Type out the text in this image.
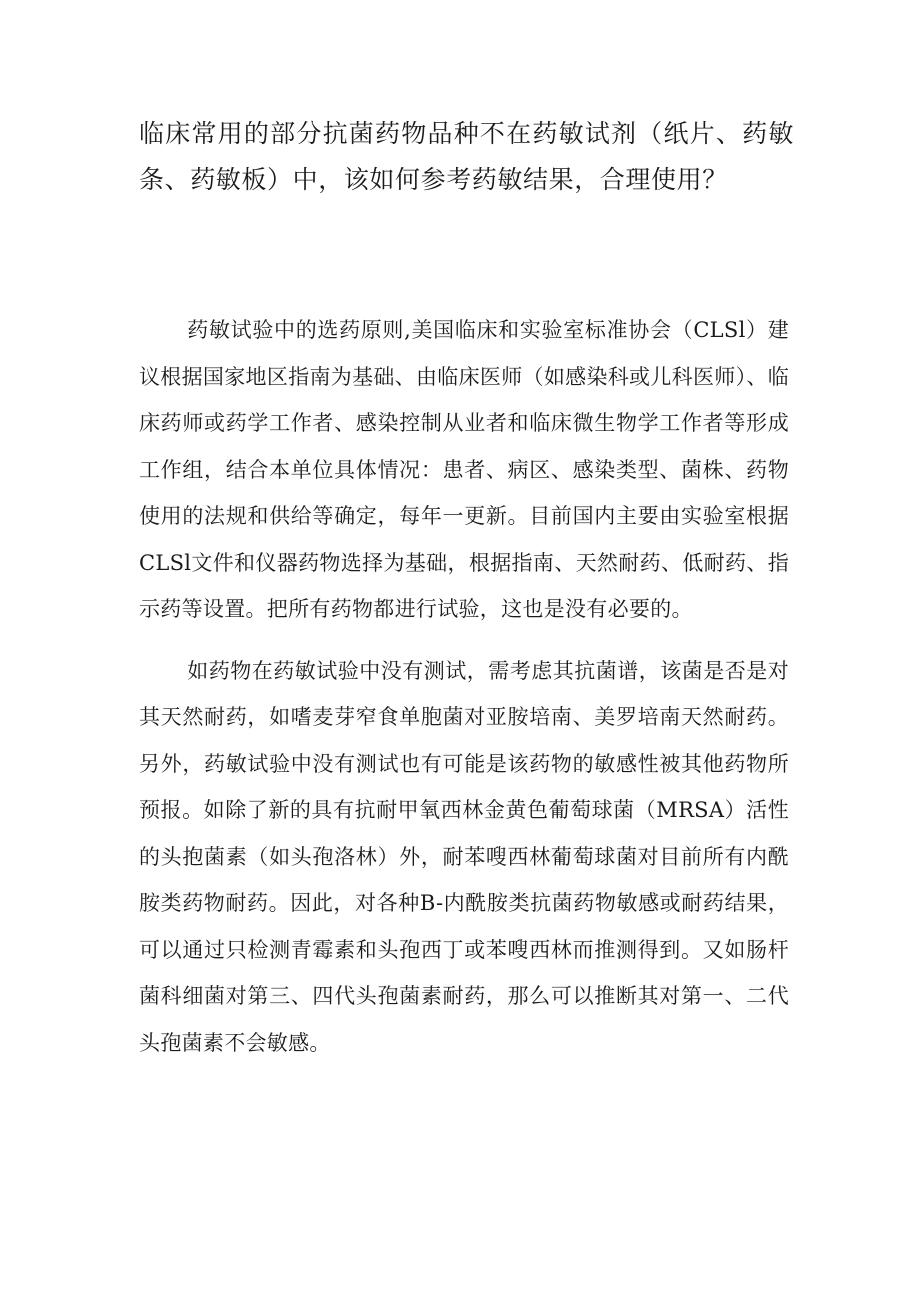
临床常用的部分抗菌药物品种不在药敏试剂（纸片、药敏条、药敏板）中，该如何参考药敏结果，合理使用？

药敏试验中的选药原则,美国临床和实验室标准协会（CLSl）建议根据国家地区指南为基础、由临床医师（如感染科或儿科医师）、临床药师或药学工作者、感染控制从业者和临床微生物学工作者等形成工作组，结合本单位具体情况：患者、病区、感染类型、菌株、药物使用的法规和供给等确定，每年一更新。目前国内主要由实验室根据CLSl文件和仪器药物选择为基础，根据指南、天然耐药、低耐药、指示药等设置。把所有药物都进行试验，这也是没有必要的。

如药物在药敏试验中没有测试，需考虑其抗菌谱，该菌是否是对其天然耐药，如嗜麦芽窄食单胞菌对亚胺培南、美罗培南天然耐药。另外，药敏试验中没有测试也有可能是该药物的敏感性被其他药物所预报。如除了新的具有抗耐甲氧西林金黄色葡萄球菌（MRSA）活性的头抱菌素（如头孢洛林）外，耐苯嗖西林葡萄球菌对目前所有内酰胺类药物耐药。因此，对各种B-内酰胺类抗菌药物敏感或耐药结果，可以通过只检测青霉素和头孢西丁或苯嗖西林而推测得到。又如肠杆菌科细菌对第三、四代头孢菌素耐药，那么可以推断其对第一、二代头孢菌素不会敏感。
